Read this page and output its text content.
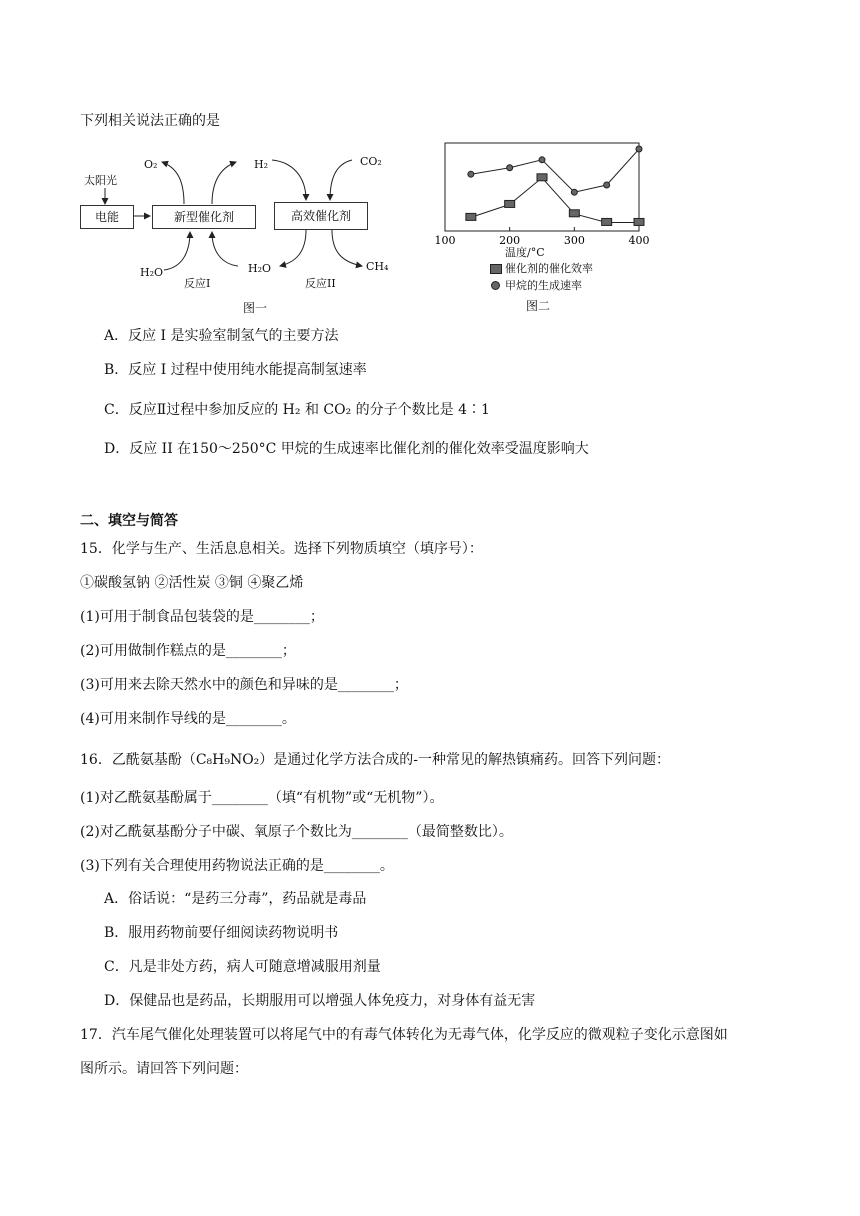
下列相关说法正确的是
太阳光
电能	新型催化剂	高效催化剂
O₂	H₂	CO₂
H₂O	H₂O	CH₄
反应I	反应II
图一
100	200	300	400
温度/°C
催化剂的催化效率
甲烷的生成速率
图二
A．反应 I 是实验室制氢气的主要方法
B．反应 I 过程中使用纯水能提高制氢速率
C．反应Ⅱ过程中参加反应的 H₂ 和 CO₂ 的分子个数比是 4∶1
D．反应 II 在150～250°C 甲烷的生成速率比催化剂的催化效率受温度影响大
二、填空与简答
15．化学与生产、生活息息相关。选择下列物质填空（填序号）：
①碳酸氢钠 ②活性炭 ③铜 ④聚乙烯
(1)可用于制食品包装袋的是________；
(2)可用做制作糕点的是________；
(3)可用来去除天然水中的颜色和异味的是________；
(4)可用来制作导线的是________。
16．乙酰氨基酚（C₈H₉NO₂）是通过化学方法合成的-一种常见的解热镇痛药。回答下列问题：
(1)对乙酰氨基酚属于________（填“有机物”或“无机物”）。
(2)对乙酰氨基酚分子中碳、氧原子个数比为________（最简整数比）。
(3)下列有关合理使用药物说法正确的是________。
A．俗话说：“是药三分毒”，药品就是毒品
B．服用药物前要仔细阅读药物说明书
C．凡是非处方药，病人可随意增减服用剂量
D．保健品也是药品，长期服用可以增强人体免疫力，对身体有益无害
17．汽车尾气催化处理装置可以将尾气中的有毒气体转化为无毒气体，化学反应的微观粒子变化示意图如
图所示。请回答下列问题：
